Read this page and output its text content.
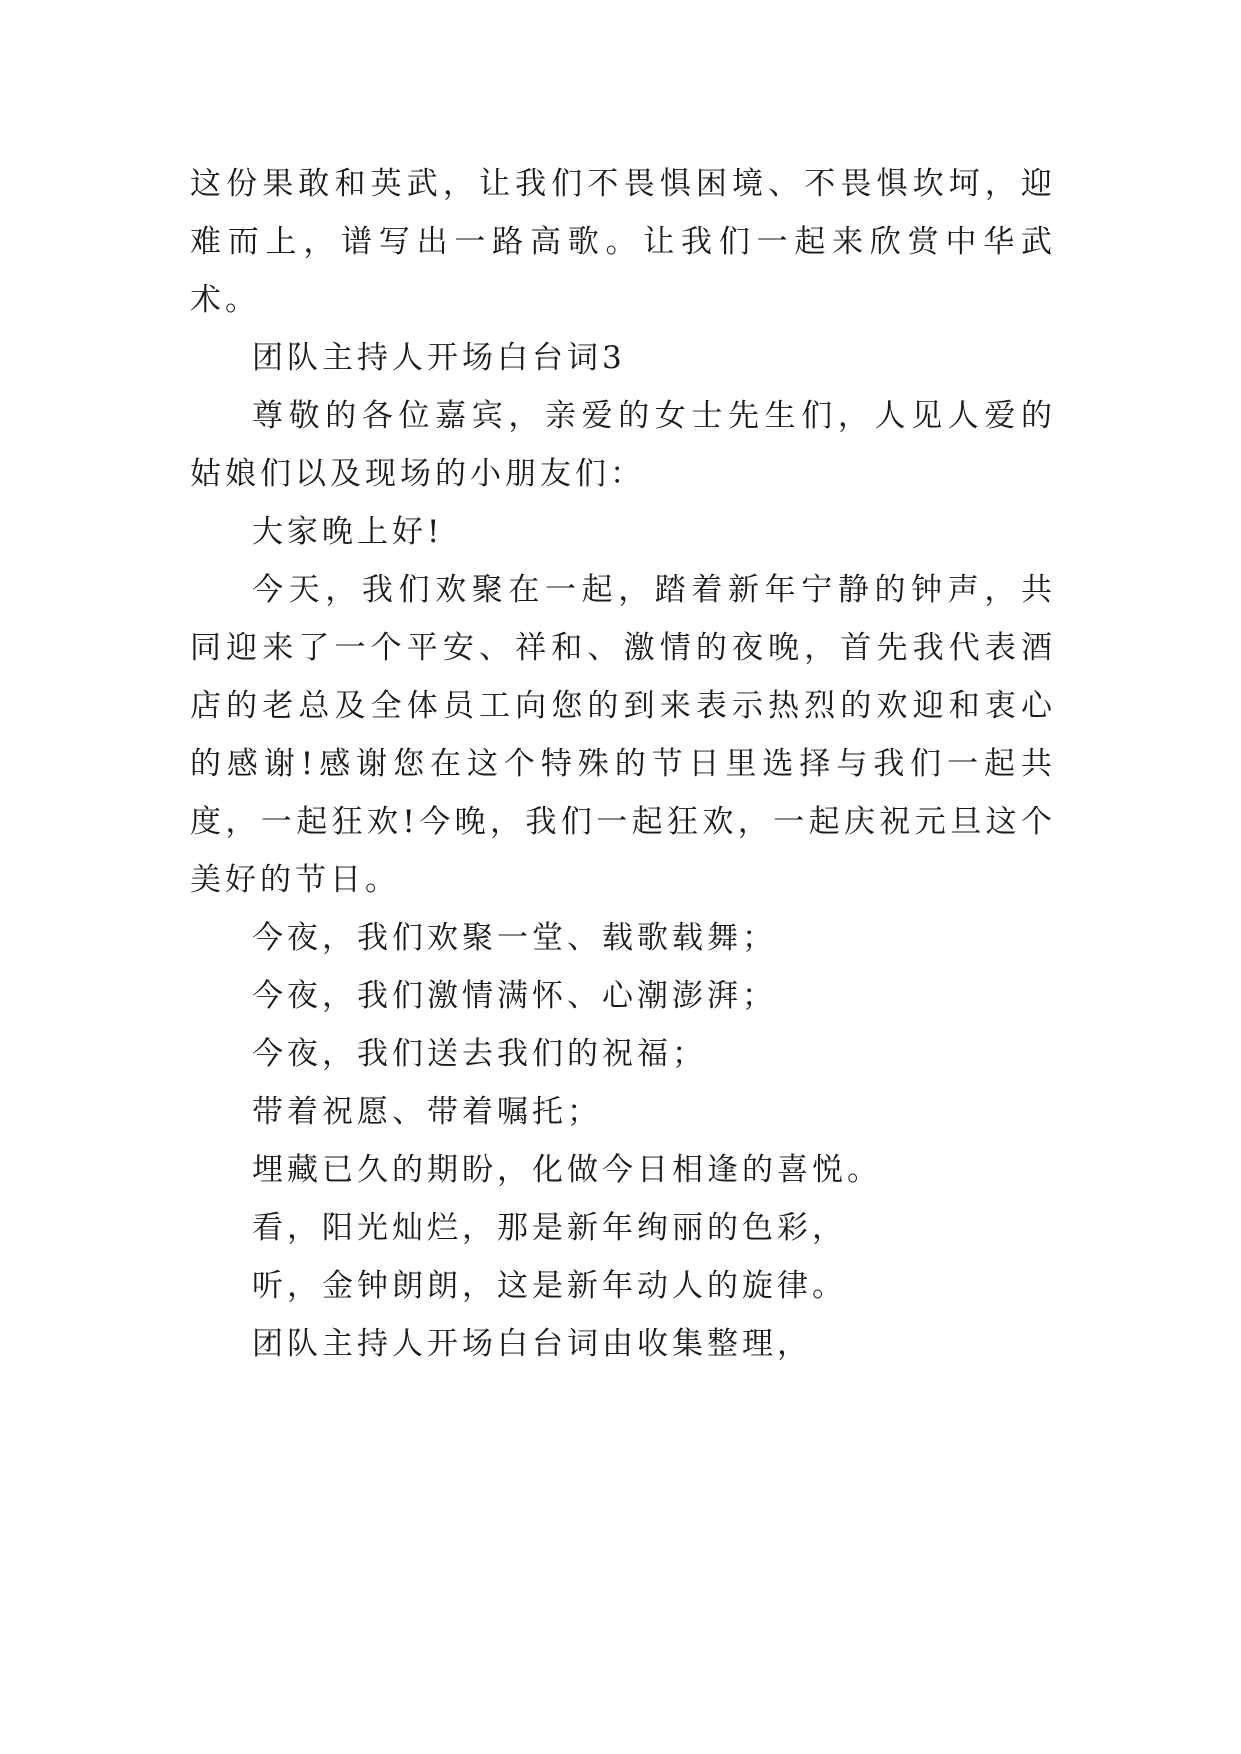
这份果敢和英武，让我们不畏惧困境、不畏惧坎坷，迎难而上，谱写出一路高歌。让我们一起来欣赏中华武术。

团队主持人开场白台词3

尊敬的各位嘉宾，亲爱的女士先生们，人见人爱的姑娘们以及现场的小朋友们：

大家晚上好!

今天，我们欢聚在一起，踏着新年宁静的钟声，共同迎来了一个平安、祥和、激情的夜晚，首先我代表酒店的老总及全体员工向您的到来表示热烈的欢迎和衷心的感谢!感谢您在这个特殊的节日里选择与我们一起共度，一起狂欢!今晚，我们一起狂欢，一起庆祝元旦这个美好的节日。

今夜，我们欢聚一堂、载歌载舞；

今夜，我们激情满怀、心潮澎湃；

今夜，我们送去我们的祝福；

带着祝愿、带着嘱托；

埋藏已久的期盼，化做今日相逢的喜悦。

看，阳光灿烂，那是新年绚丽的色彩，

听，金钟朗朗，这是新年动人的旋律。

团队主持人开场白台词由收集整理，
